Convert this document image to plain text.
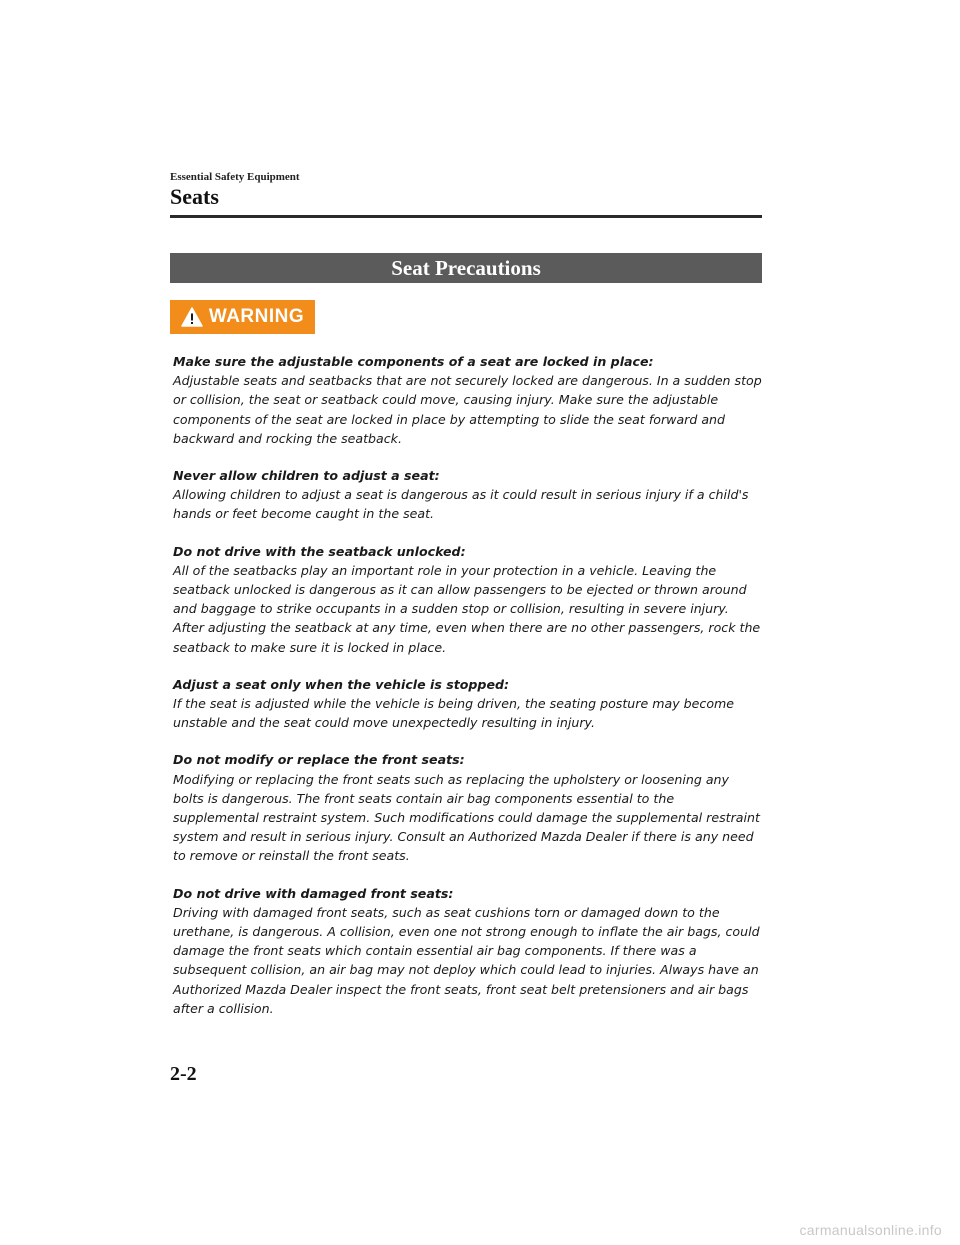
Essential Safety Equipment
Seats
Seat Precautions
WARNING
Make sure the adjustable components of a seat are locked in place:
Adjustable seats and seatbacks that are not securely locked are dangerous. In a sudden stop or collision, the seat or seatback could move, causing injury. Make sure the adjustable components of the seat are locked in place by attempting to slide the seat forward and backward and rocking the seatback.
Never allow children to adjust a seat:
Allowing children to adjust a seat is dangerous as it could result in serious injury if a child's hands or feet become caught in the seat.
Do not drive with the seatback unlocked:
All of the seatbacks play an important role in your protection in a vehicle. Leaving the seatback unlocked is dangerous as it can allow passengers to be ejected or thrown around and baggage to strike occupants in a sudden stop or collision, resulting in severe injury. After adjusting the seatback at any time, even when there are no other passengers, rock the seatback to make sure it is locked in place.
Adjust a seat only when the vehicle is stopped:
If the seat is adjusted while the vehicle is being driven, the seating posture may become unstable and the seat could move unexpectedly resulting in injury.
Do not modify or replace the front seats:
Modifying or replacing the front seats such as replacing the upholstery or loosening any bolts is dangerous. The front seats contain air bag components essential to the supplemental restraint system. Such modifications could damage the supplemental restraint system and result in serious injury. Consult an Authorized Mazda Dealer if there is any need to remove or reinstall the front seats.
Do not drive with damaged front seats:
Driving with damaged front seats, such as seat cushions torn or damaged down to the urethane, is dangerous. A collision, even one not strong enough to inflate the air bags, could damage the front seats which contain essential air bag components. If there was a subsequent collision, an air bag may not deploy which could lead to injuries. Always have an Authorized Mazda Dealer inspect the front seats, front seat belt pretensioners and air bags after a collision.
2-2
carmanualsonline.info
